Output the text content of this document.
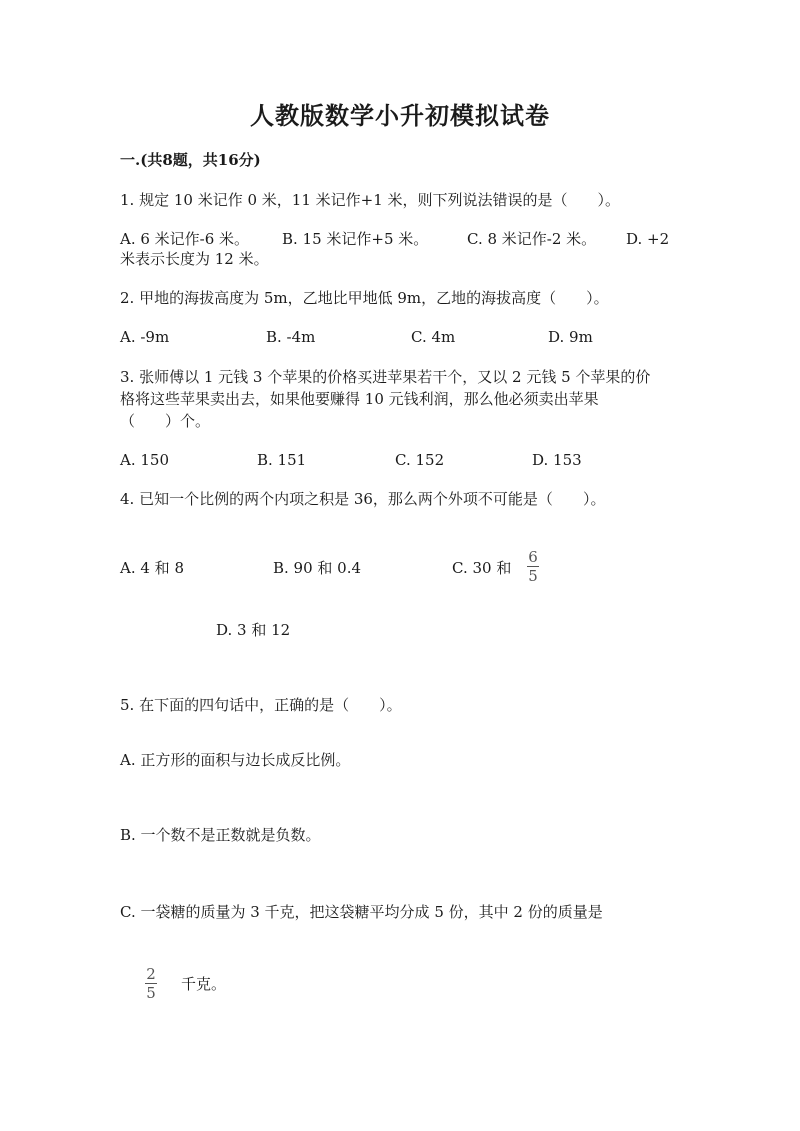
人教版数学小升初模拟试卷
一.(共8题，共16分)
1. 规定 10 米记作 0 米，11 米记作+1 米，则下列说法错误的是（　　）。
A. 6 米记作-6 米。 B. 15 米记作+5 米。	C. 8 米记作-2 米。 D. +2
米表示长度为 12 米。
2. 甲地的海拔高度为 5m，乙地比甲地低 9m，乙地的海拔高度（　　）。
A. -9m	B. -4m	C. 4m	D. 9m
3. 张师傅以 1 元钱 3 个苹果的价格买进苹果若干个，又以 2 元钱 5 个苹果的价
格将这些苹果卖出去，如果他要赚得 10 元钱利润，那么他必须卖出苹果
（　　）个。
A. 150	B. 151	C. 152	D. 153
4. 已知一个比例的两个内项之积是 36，那么两个外项不可能是（　　）。
A. 4 和 8	B. 90 和 0.4	C. 30 和
6
5
D. 3 和 12
5. 在下面的四句话中，正确的是（　　）。
A. 正方形的面积与边长成反比例。
B. 一个数不是正数就是负数。
C. 一袋糖的质量为 3 千克，把这袋糖平均分成 5 份，其中 2 份的质量是
2
5 千克。
